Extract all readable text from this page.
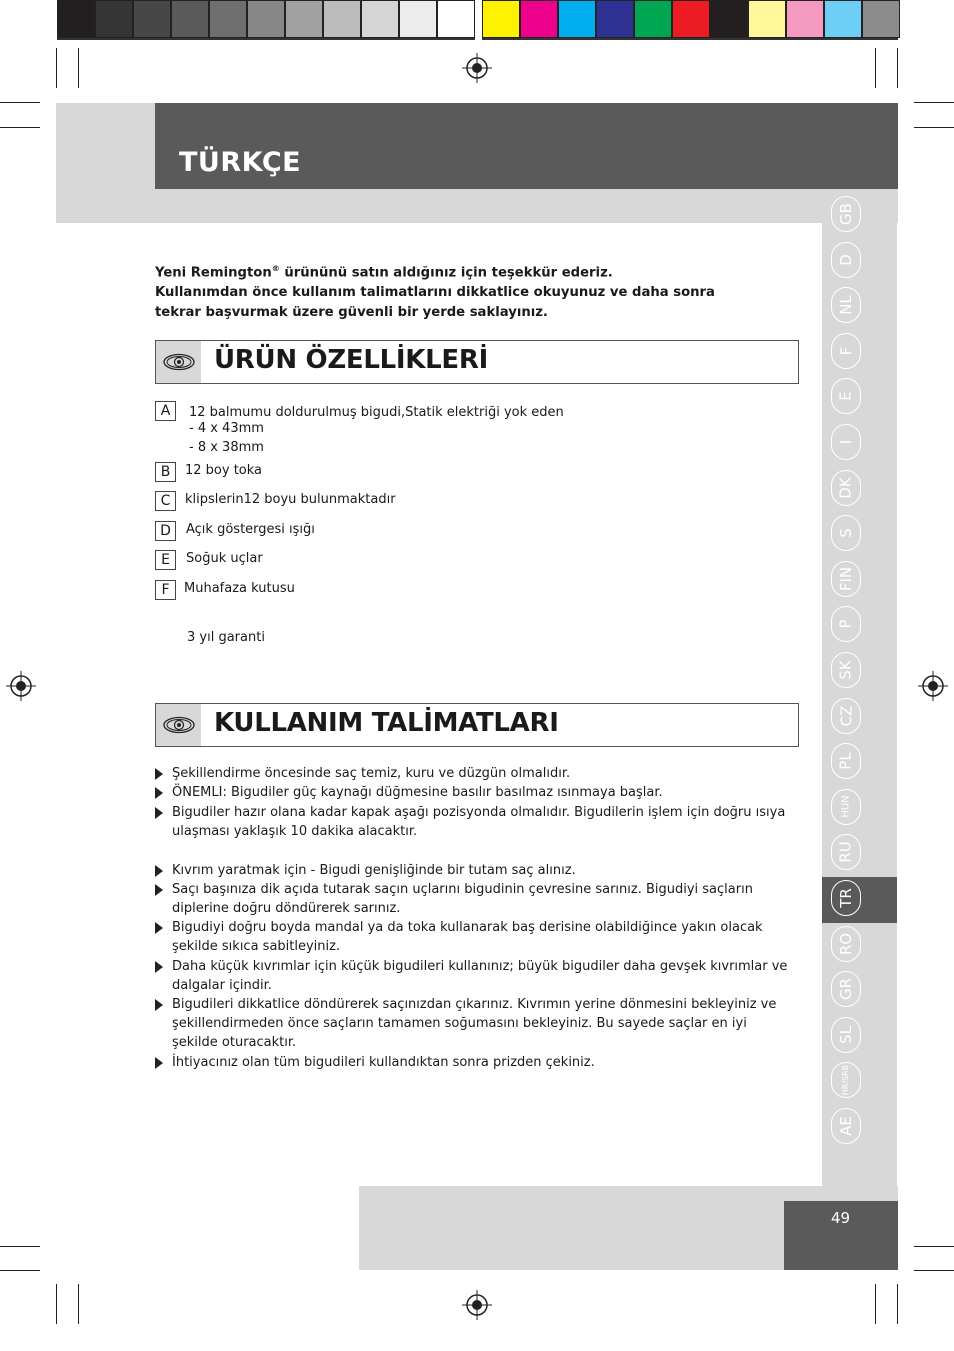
TÜRKÇE
GB
D
NL
F
E
I
DK
S
FIN
P
SK
CZ
PL
HUN
RU
TR
RO
GR
SL
HR/SRB
AE
Yeni Remington® ürününü satın aldığınız için teşekkür ederiz.
Kullanımdan önce kullanım talimatlarını dikkatlice okuyunuz ve daha sonra
tekrar başvurmak üzere güvenli bir yerde saklayınız.
ÜRÜN ÖZELLİKLERİ
A	12 balmumu doldurulmuş bigudi,Statik elektriği yok eden
- 4 x 43mm
- 8 x 38mm
B	12 boy toka
C	klipslerin12 boyu bulunmaktadır
D	Açık göstergesi ışığı
E	Soğuk uçlar
F	Muhafaza kutusu
3 yıl garanti
KULLANIM TALİMATLARI
Şekillendirme öncesinde saç temiz, kuru ve düzgün olmalıdır.
ÖNEMLI: Bigudiler güç kaynağı düğmesine basılır basılmaz ısınmaya başlar.
Bigudiler hazır olana kadar kapak aşağı pozisyonda olmalıdır. Bigudilerin işlem için doğru ısıya ulaşması yaklaşık 10 dakika alacaktır.
Kıvrım yaratmak için - Bigudi genişliğinde bir tutam saç alınız.
Saçı başınıza dik açıda tutarak saçın uçlarını bigudinin çevresine sarınız. Bigudiyi saçların diplerine doğru döndürerek sarınız.
Bigudiyi doğru boyda mandal ya da toka kullanarak baş derisine olabildiğince yakın olacak şekilde sıkıca sabitleyiniz.
Daha küçük kıvrımlar için küçük bigudileri kullanınız; büyük bigudiler daha gevşek kıvrımlar ve dalgalar içindir.
Bigudileri dikkatlice döndürerek saçınızdan çıkarınız. Kıvrımın yerine dönmesini bekleyiniz ve şekillendirmeden önce saçların tamamen soğumasını bekleyiniz. Bu sayede saçlar en iyi şekilde oturacaktır.
İhtiyacınız olan tüm bigudileri kullandıktan sonra prizden çekiniz.
49
